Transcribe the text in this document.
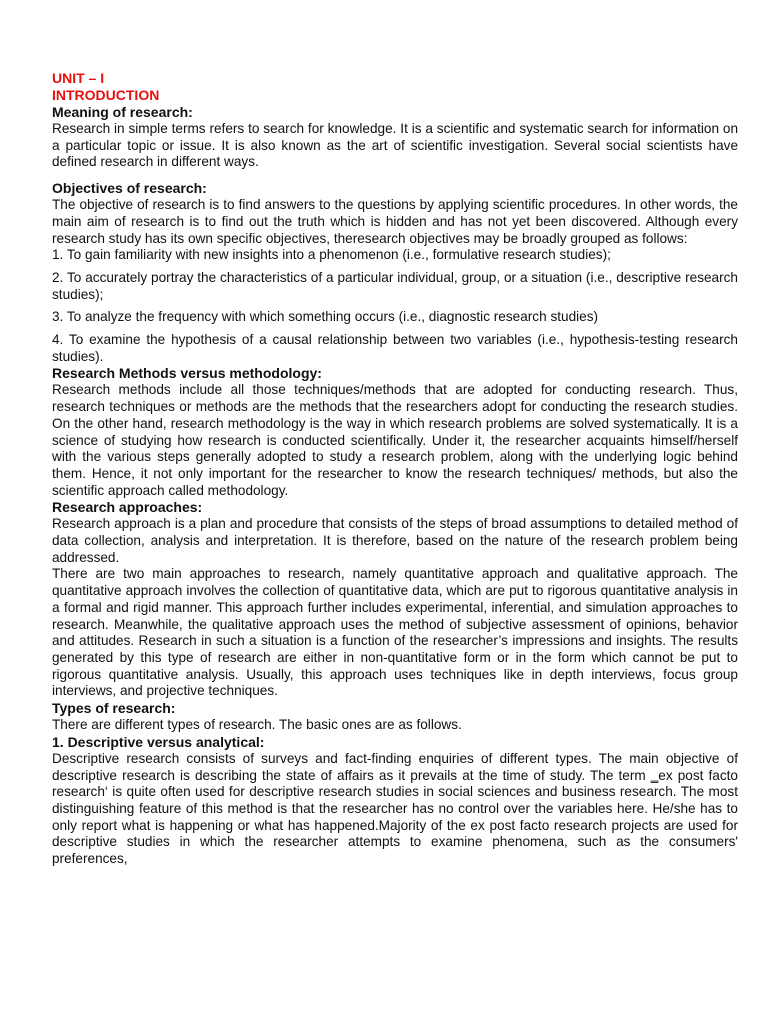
UNIT – I

INTRODUCTION

Meaning of research:

Research in simple terms refers to search for knowledge. It is a scientific and systematic search for information on a particular topic or issue. It is also known as the art of scientific investigation. Several social scientists have defined research in different ways.

Objectives of research:

The objective of research is to find answers to the questions by applying scientific procedures. In other words, the main aim of research is to find out the truth which is hidden and has not yet been discovered. Although every research study has its own specific objectives, theresearch objectives may be broadly grouped as follows:

1. To gain familiarity with new insights into a phenomenon (i.e., formulative research studies);

2. To accurately portray the characteristics of a particular individual, group, or a situation (i.e., descriptive research studies);

3. To analyze the frequency with which something occurs (i.e., diagnostic research studies)

4. To examine the hypothesis of a causal relationship between two variables (i.e., hypothesis-testing research studies).

Research Methods versus methodology:

Research methods include all those techniques/methods that are adopted for conducting research. Thus, research techniques or methods are the methods that the researchers adopt for conducting the research studies. On the other hand, research methodology is the way in which research problems are solved systematically. It is a science of studying how research is conducted scientifically. Under it, the researcher acquaints himself/herself with the various steps generally adopted to study a research problem, along with the underlying logic behind them. Hence, it not only important for the researcher to know the research techniques/ methods, but also the scientific approach called methodology.

Research approaches:

Research approach is a plan and procedure that consists of the steps of broad assumptions to detailed method of data collection, analysis and interpretation. It is therefore, based on the nature of the research problem being addressed.

There are two main approaches to research, namely quantitative approach and qualitative approach. The quantitative approach involves the collection of quantitative data, which are put to rigorous quantitative analysis in a formal and rigid manner. This approach further includes experimental, inferential, and simulation approaches to research. Meanwhile, the qualitative approach uses the method of subjective assessment of opinions, behavior and attitudes. Research in such a situation is a function of the researcher’s impressions and insights. The results generated by this type of research are either in non-quantitative form or in the form which cannot be put to rigorous quantitative analysis. Usually, this approach uses techniques like in depth interviews, focus group interviews, and projective techniques.

Types of research:

There are different types of research. The basic ones are as follows.

1. Descriptive versus analytical:

Descriptive research consists of surveys and fact-finding enquiries of different types. The main objective of descriptive research is describing the state of affairs as it prevails at the time of study. The term ‗ex post facto research‘ is quite often used for descriptive research studies in social sciences and business research. The most distinguishing feature of this method is that the researcher has no control over the variables here. He/she has to only report what is happening or what has happened.Majority of the ex post facto research projects are used for descriptive studies in which the researcher attempts to examine phenomena, such as the consumers' preferences,
